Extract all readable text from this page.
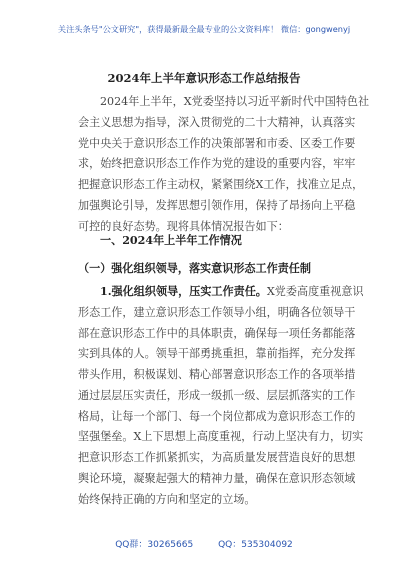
关注头条号"公文研究"，获得最新最全最专业的公文资料库！ 微信：gongwenyj
2024年上半年意识形态工作总结报告
2024年上半年，X党委坚持以习近平新时代中国特色社
会主义思想为指导，深入贯彻党的二十大精神，认真落实
党中央关于意识形态工作的决策部署和市委、区委工作要
求，始终把意识形态工作作为党的建设的重要内容，牢牢
把握意识形态工作主动权，紧紧围绕X工作，找准立足点，
加强舆论引导，发挥思想引领作用，保持了昂扬向上平稳
可控的良好态势。现将具体情况报告如下：
一、2024年上半年工作情况
（一）强化组织领导，落实意识形态工作责任制
1.强化组织领导，压实工作责任。X党委高度重视意识
形态工作，建立意识形态工作领导小组，明确各位领导干
部在意识形态工作中的具体职责，确保每一项任务都能落
实到具体的人。领导干部勇挑重担，靠前指挥，充分发挥
带头作用，积极谋划、精心部署意识形态工作的各项举措
通过层层压实责任，形成一级抓一级、层层抓落实的工作
格局，让每一个部门、每一个岗位都成为意识形态工作的
坚强堡垒。X上下思想上高度重视，行动上坚决有力，切实
把意识形态工作抓紧抓实，为高质量发展营造良好的思想
舆论环境，凝聚起强大的精神力量，确保在意识形态领域
始终保持正确的方向和坚定的立场。
QQ群：30265665	QQ：535304092
